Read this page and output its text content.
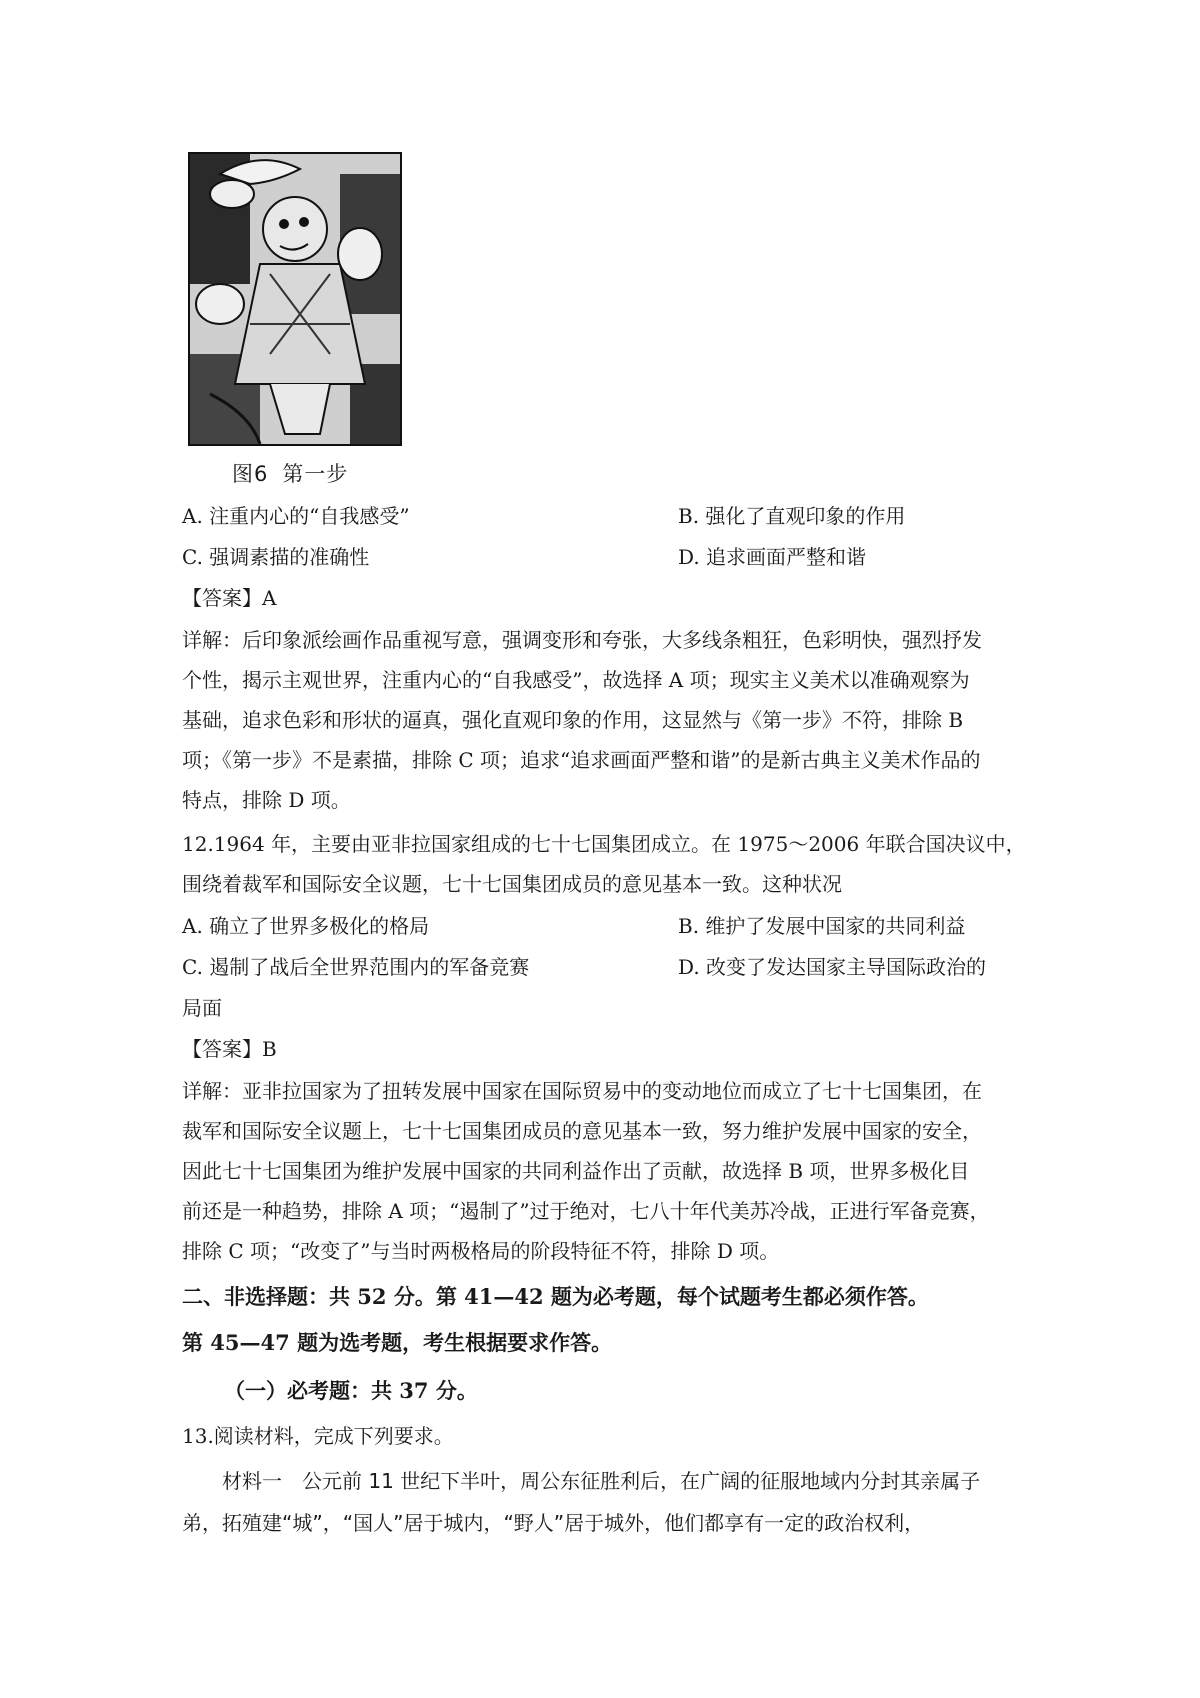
图6 第一步
A. 注重内心的“自我感受”	B. 强化了直观印象的作用
C. 强调素描的准确性	D. 追求画面严整和谐
【答案】A
详解：后印象派绘画作品重视写意，强调变形和夸张，大多线条粗狂，色彩明快，强烈抒发
个性，揭示主观世界，注重内心的“自我感受”，故选择 A 项；现实主义美术以准确观察为
基础，追求色彩和形状的逼真，强化直观印象的作用，这显然与《第一步》不符，排除 B
项；《第一步》不是素描，排除 C 项；追求“追求画面严整和谐”的是新古典主义美术作品的
特点，排除 D 项。
12.1964 年，主要由亚非拉国家组成的七十七国集团成立。在 1975～2006 年联合国决议中，
围绕着裁军和国际安全议题，七十七国集团成员的意见基本一致。这种状况
A. 确立了世界多极化的格局	B. 维护了发展中国家的共同利益
C. 遏制了战后全世界范围内的军备竞赛	D. 改变了发达国家主导国际政治的
局面
【答案】B
详解：亚非拉国家为了扭转发展中国家在国际贸易中的变动地位而成立了七十七国集团，在
裁军和国际安全议题上，七十七国集团成员的意见基本一致，努力维护发展中国家的安全，
因此七十七国集团为维护发展中国家的共同利益作出了贡献，故选择 B 项，世界多极化目
前还是一种趋势，排除 A 项；“遏制了”过于绝对，七八十年代美苏冷战，正进行军备竞赛，
排除 C 项；“改变了”与当时两极格局的阶段特征不符，排除 D 项。
二、非选择题：共 52 分。第 41—42 题为必考题，每个试题考生都必须作答。
第 45—47 题为选考题，考生根据要求作答。
（一）必考题：共 37 分。
13.阅读材料，完成下列要求。
材料一　公元前 11 世纪下半叶，周公东征胜利后，在广阔的征服地域内分封其亲属子
弟，拓殖建“城”，“国人”居于城内，“野人”居于城外，他们都享有一定的政治权利，
